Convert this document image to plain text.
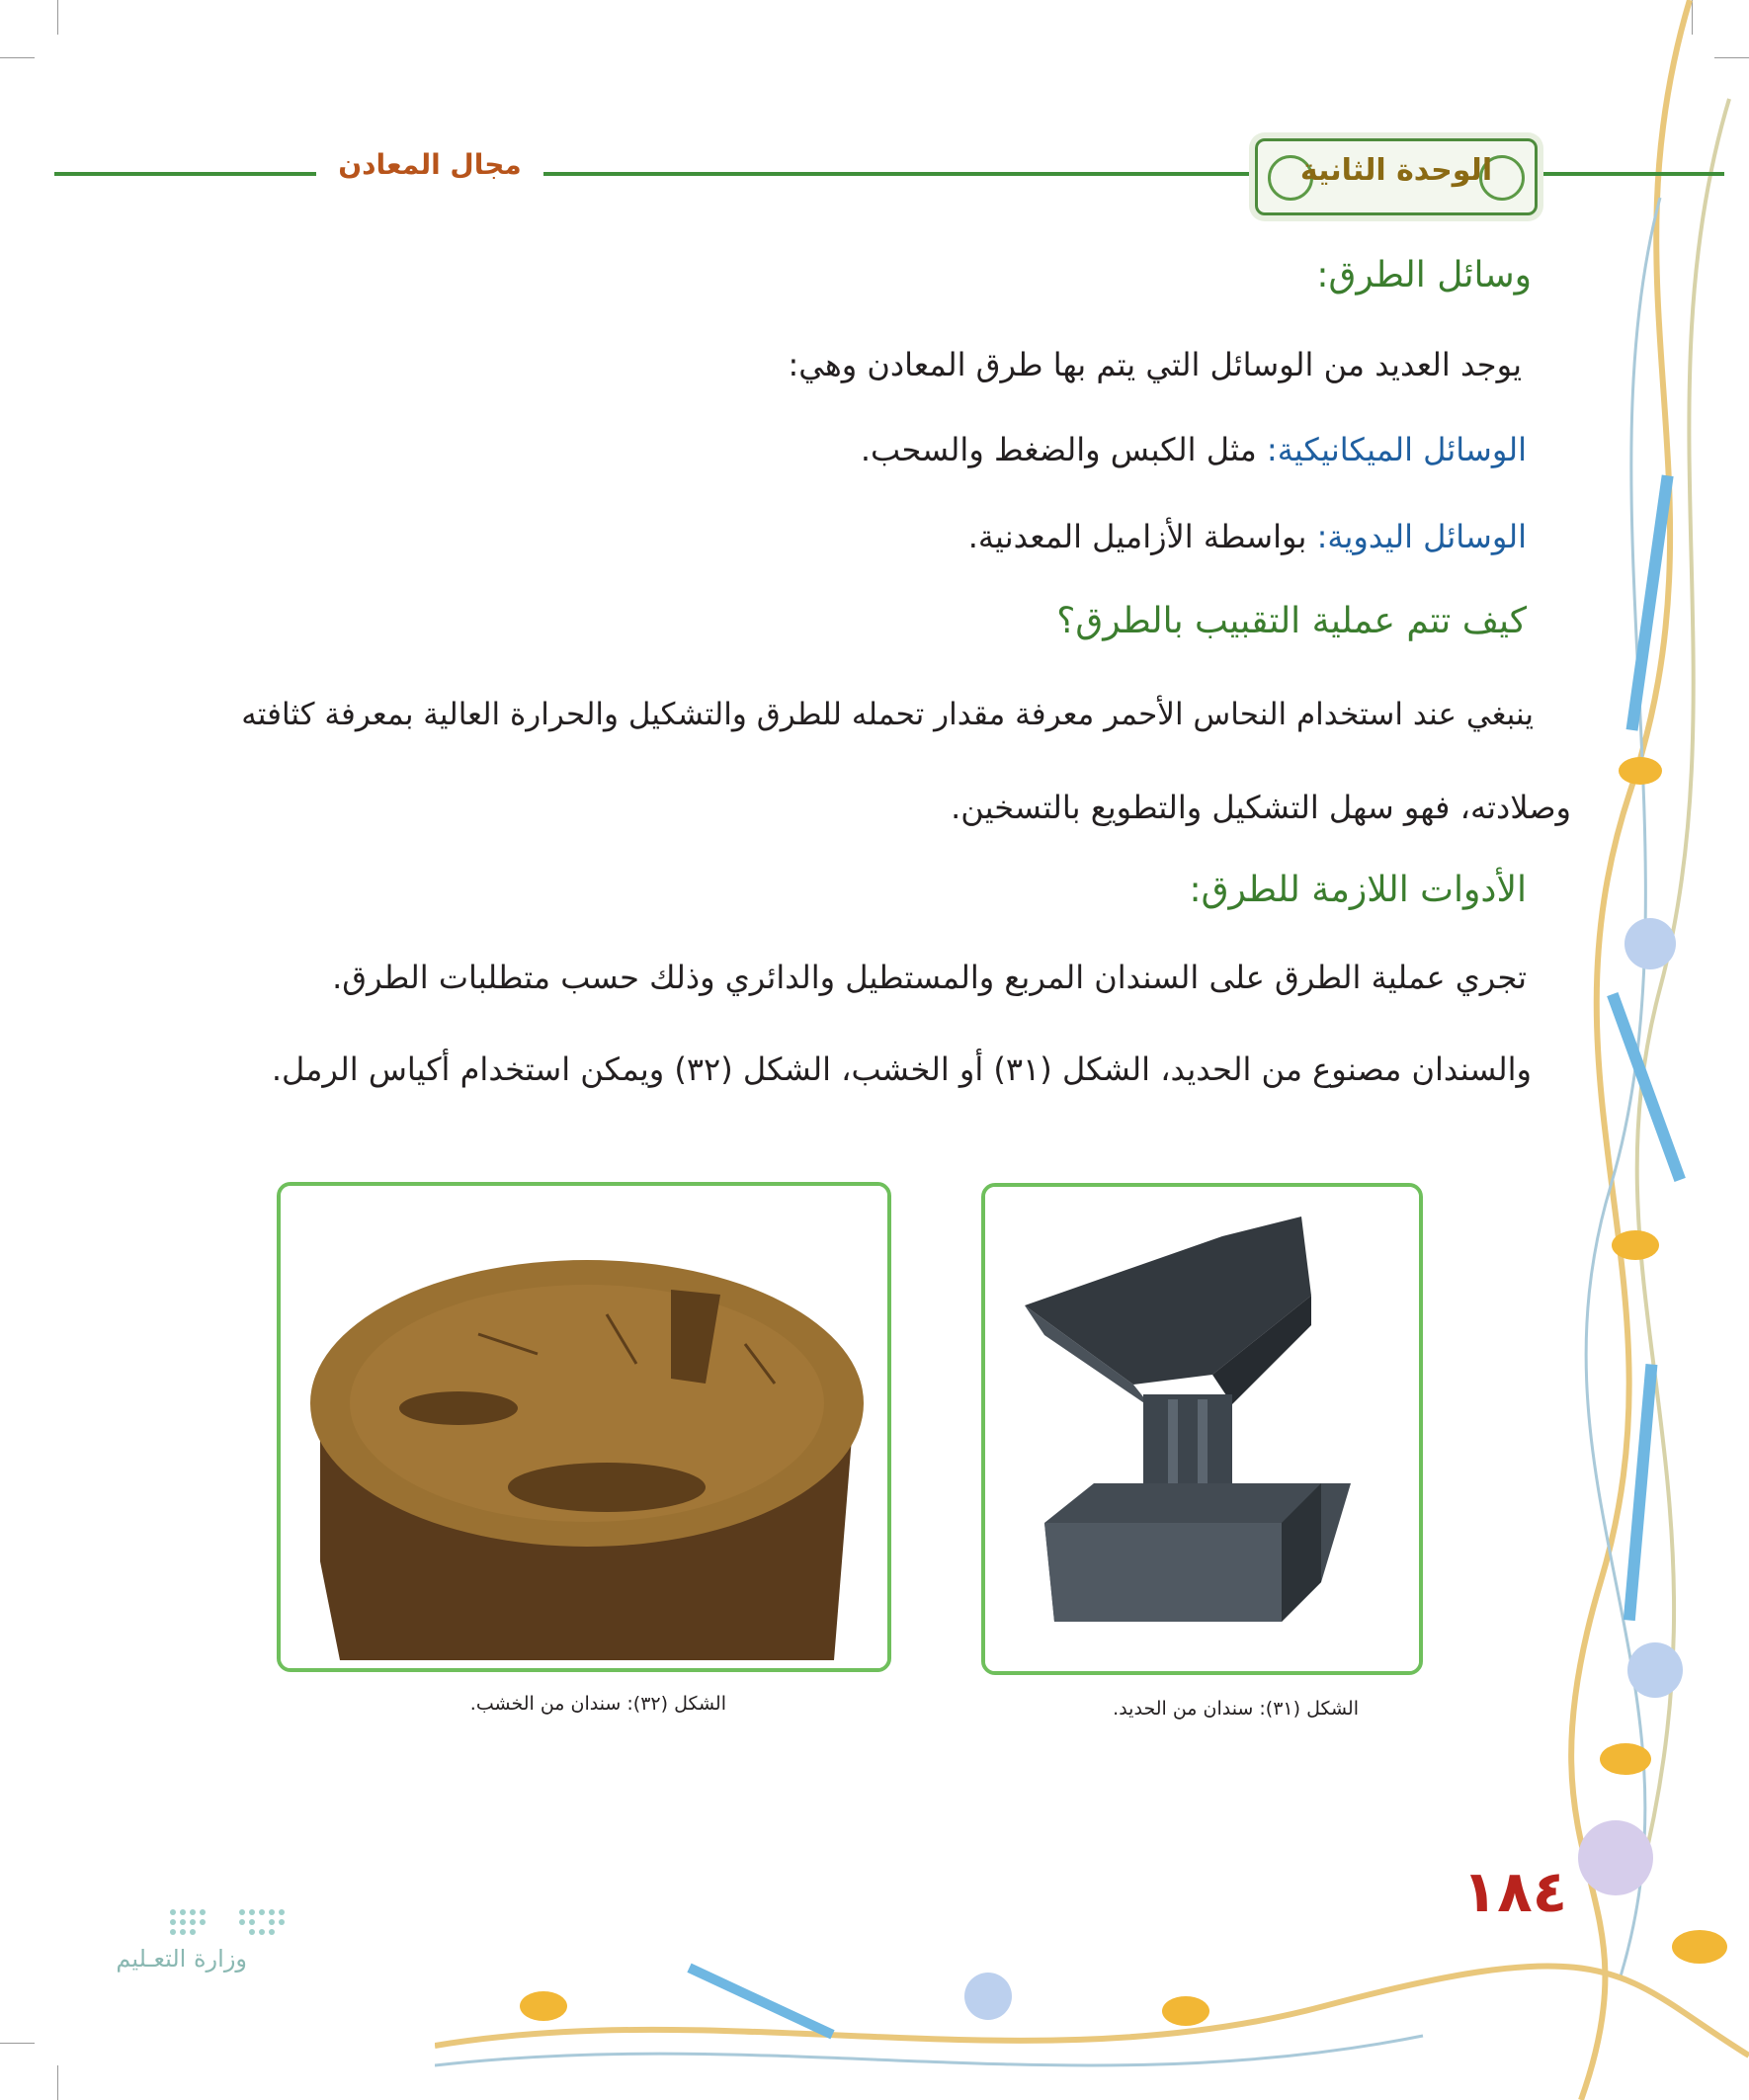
الوحدة الثانية
مجال المعادن
وسائل الطرق:
يوجد العديد من الوسائل التي يتم بها طرق المعادن وهي:
الوسائل الميكانيكية: مثل الكبس والضغط والسحب.
الوسائل اليدوية: بواسطة الأزاميل المعدنية.
كيف تتم عملية التقبيب بالطرق؟
ينبغي عند استخدام النحاس الأحمر معرفة مقدار تحمله للطرق والتشكيل والحرارة العالية بمعرفة كثافته
وصلادته، فهو سهل التشكيل والتطويع بالتسخين.
الأدوات اللازمة للطرق:
تجري عملية الطرق على السندان المربع والمستطيل والدائري وذلك حسب متطلبات الطرق.
والسندان مصنوع من الحديد، الشكل (٣١) أو الخشب، الشكل (٣٢) ويمكن استخدام أكياس الرمل.
الشكل (٣١): سندان من الحديد.
الشكل (٣٢): سندان من الخشب.
١٨٤
وزارة التعـليم
